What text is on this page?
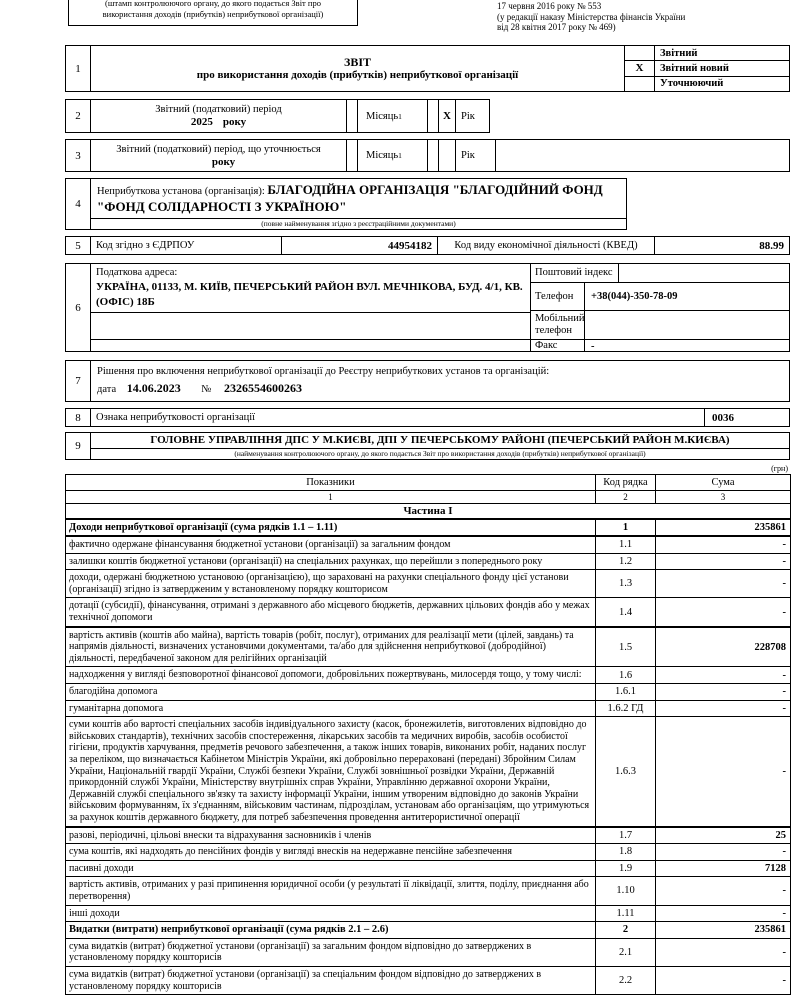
(штамп контролюючого органу, до якого подається Звіт про використання доходів (прибутків) неприбуткової організації)
17 червня 2016 року № 553
(у редакції наказу Міністерства фінансів України
від 28 квітня 2017 року № 469)
1	ЗВІТ
про використання доходів (прибутків) неприбуткової організації
Звітний
X	Звітний новий
Уточнюючий
2
Звітний (податковий) період
2025 року	Місяць 1	X Рік
3
Звітний (податковий) період, що уточнюється
року	Місяць 1	Рік
4
Неприбуткова установа (організація): БЛАГОДІЙНА ОРГАНІЗАЦІЯ "БЛАГОДІЙНИЙ ФОНД "ФОНД СОЛІДАРНОСТІ З УКРАЇНОЮ"
(повне найменування згідно з реєстраційними документами)
5	Код згідно з ЄДРПОУ	44954182	Код виду економічної діяльності (КВЕД)	88.99
6
Податкова адреса:
УКРАЇНА, 01133, М. КИЇВ, ПЕЧЕРСЬКИЙ РАЙОН ВУЛ. МЕЧНІКОВА, БУД. 4/1, КВ. (ОФІС) 18Б
Поштовий індекс
Телефон	+38(044)-350-78-09
Мобільний телефон
Факс	-
7
Рішення про включення неприбуткової організації до Реєстру неприбуткових установ та організацій:
дата 14.06.2023 № 2326554600263
8	Ознака неприбутковості організації	0036
9	ГОЛОВНЕ УПРАВЛІННЯ ДПС У М.КИЄВІ, ДПІ У ПЕЧЕРСЬКОМУ РАЙОНІ (ПЕЧЕРСЬКИЙ РАЙОН М.КИЄВА)
(найменування контролюючого органу, до якого подається Звіт про використання доходів (прибутків) неприбуткової організації)
(грн)
Показники	Код рядка	Сума
1	2	3
Частина I		
Доходи неприбуткової організації (сума рядків 1.1 – 1.11)	1	235861
фактично одержане фінансування бюджетної установи (організації) за загальним фондом	1.1	-
залишки коштів бюджетної установи (організації) на спеціальних рахунках, що перейшли з попереднього року	1.2	-
доходи, одержані бюджетною установою (організацією), що зараховані на рахунки спеціального фонду цієї установи (організації) згідно із затвердженим у встановленому порядку кошторисом	1.3	-
дотації (субсидії), фінансування, отримані з державного або місцевого бюджетів, державних цільових фондів або у межах технічної допомоги	1.4	-
вартість активів (коштів або майна), вартість товарів (робіт, послуг), отриманих для реалізації мети (цілей, завдань) та напрямів діяльності, визначених установчими документами, та/або для здійснення неприбуткової (добродійної) діяльності, передбаченої законом для релігійних організацій	1.5	228708
надходження у вигляді безповоротної фінансової допомоги, добровільних пожертвувань, милосердя тощо, у тому числі:	1.6	-
благодійна допомога	1.6.1	-
гуманітарна допомога	1.6.2 ГД	-
суми коштів або вартості спеціальних засобів індивідуального захисту (касок, бронежилетів, виготовлених відповідно до військових стандартів), технічних засобів спостереження, лікарських засобів та медичних виробів, засобів особистої гігієни, продуктів харчування, предметів речового забезпечення, а також інших товарів, виконаних робіт, наданих послуг за переліком, що визначається Кабінетом Міністрів України, які добровільно перераховані (передані) Збройним Силам України, Національній гвардії України, Службі безпеки України, Службі зовнішньої розвідки України, Державній прикордонній службі України, Міністерству внутрішніх справ України, Управлінню державної охорони України, Державній службі спеціального зв'язку та захисту інформації України, іншим утвореним відповідно до законів України військовим формуванням, їх з'єднанням, військовим частинам, підрозділам, установам або організаціям, що утримуються за рахунок коштів державного бюджету, для потреб забезпечення проведення антитерористичної операції	1.6.3	-
разові, періодичні, цільові внески та відрахування засновників і членів	1.7	25
сума коштів, які надходять до пенсійних фондів у вигляді внесків на недержавне пенсійне забезпечення	1.8	-
пасивні доходи	1.9	7128
вартість активів, отриманих у разі припинення юридичної особи (у результаті її ліквідації, злиття, поділу, приєднання або перетворення)	1.10	-
інші доходи	1.11	-
Видатки (витрати) неприбуткової організації (сума рядків 2.1 – 2.6)	2	235861
сума видатків (витрат) бюджетної установи (організації) за загальним фондом відповідно до затверджених в установленому порядку кошторисів	2.1	-
сума видатків (витрат) бюджетної установи (організації) за спеціальним фондом відповідно до затверджених в установленому порядку кошторисів	2.2	-
